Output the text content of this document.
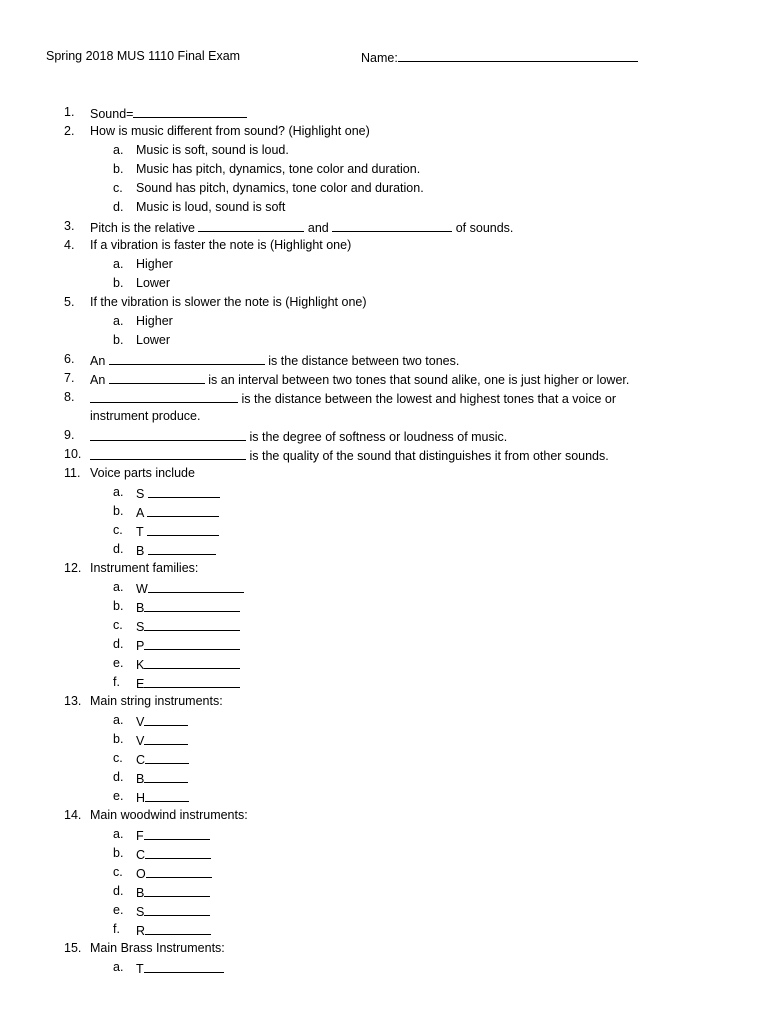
Spring 2018 MUS 1110 Final Exam	Name:
1.	Sound=
2.	How is music different from sound? (Highlight one)
a. Music is soft, sound is loud.
b. Music has pitch, dynamics, tone color and duration.
c. Sound has pitch, dynamics, tone color and duration.
d. Music is loud, sound is soft
3.	Pitch is the relative	and	of sounds.
4.	If a vibration is faster the note is (Highlight one)
a. Higher
b. Lower
5.	If the vibration is slower the note is (Highlight one)
a. Higher
b. Lower
6.	An	is the distance between two tones.
7.	An	is an interval between two tones that sound alike, one is just higher or lower.
8.	is the distance between the lowest and highest tones that a voice or
instrument produce.
9.	is the degree of softness or loudness of music.
10.	is the quality of the sound that distinguishes it from other sounds.
11. Voice parts include
a. S
b. A
c. T
d. B
12. Instrument families:
a. W
b. B
c. S
d. P
e. K
f. E
13. Main string instruments:
a. V
b. V
c. C
d. B
e. H
14. Main woodwind instruments:
a. F
b. C
c. O
d. B
e. S
f. R
15. Main Brass Instruments:
a. T
